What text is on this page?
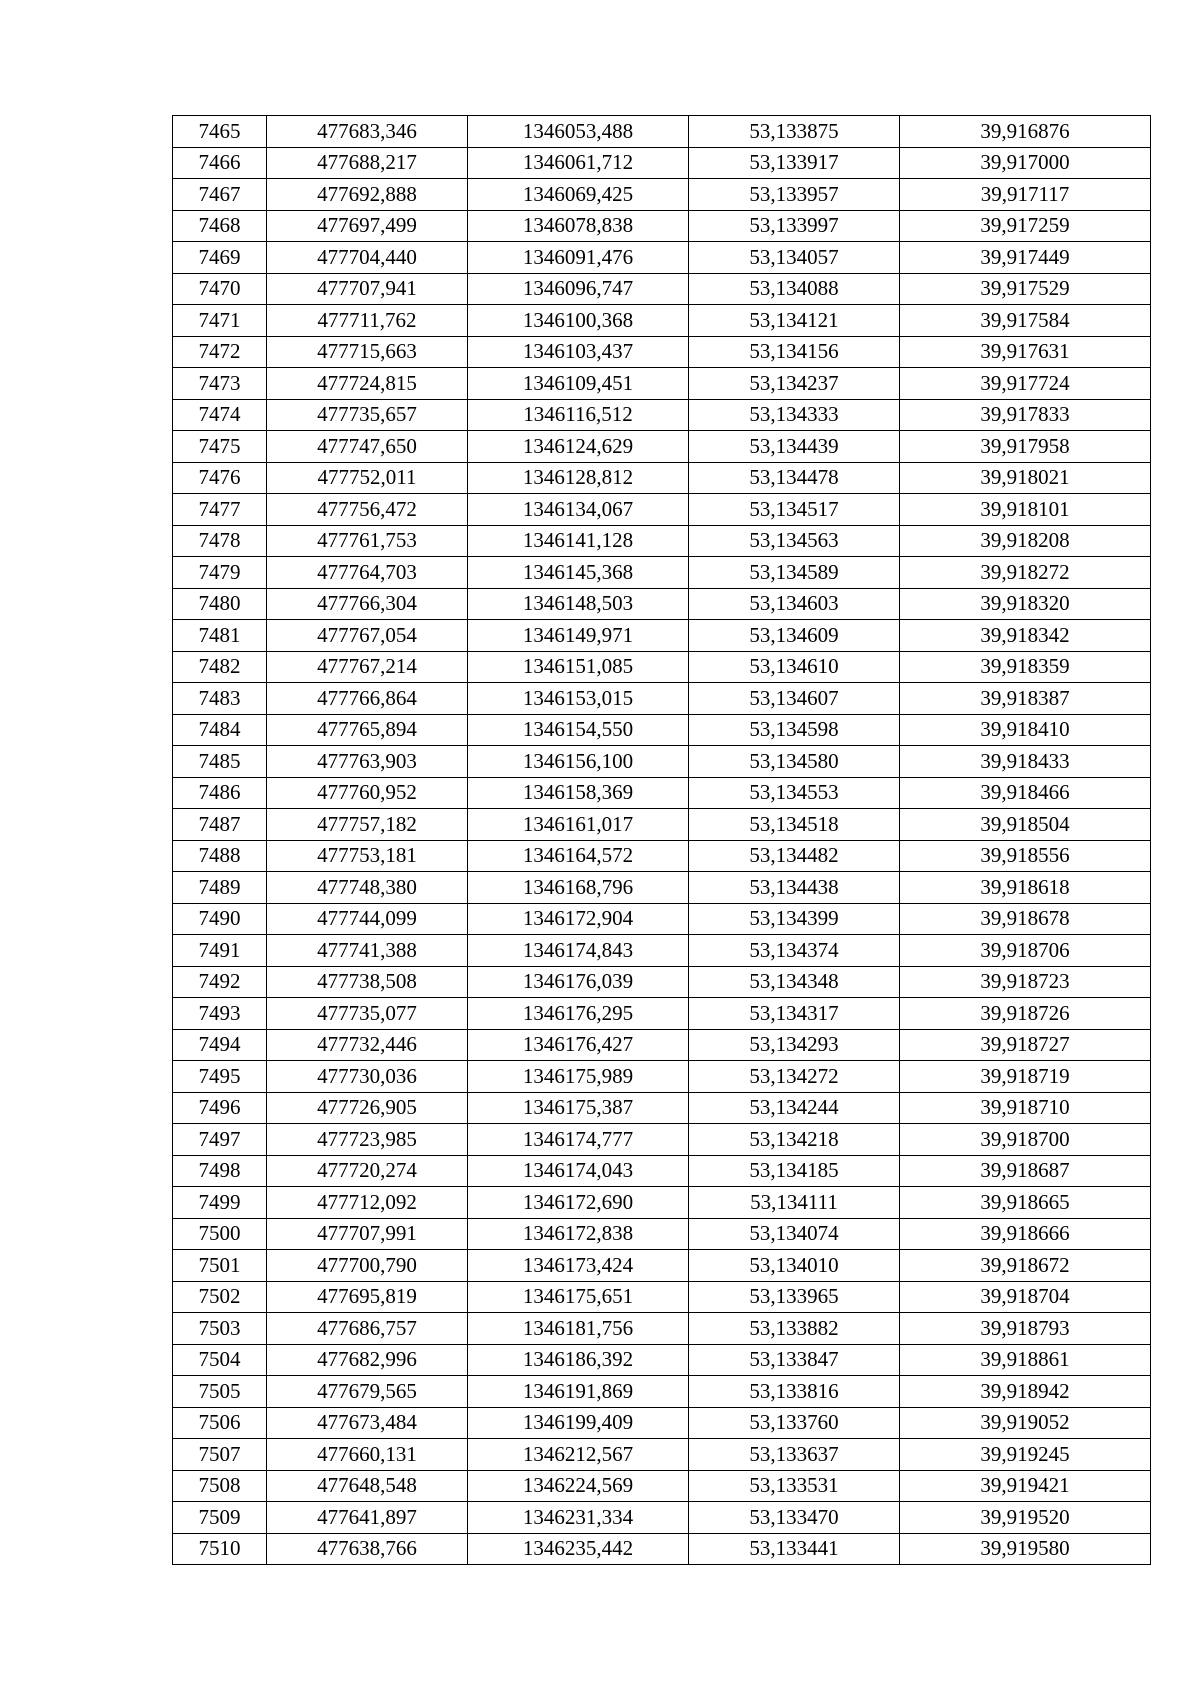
7465	477683,346	1346053,488	53,133875	39,916876
7466	477688,217	1346061,712	53,133917	39,917000
7467	477692,888	1346069,425	53,133957	39,917117
7468	477697,499	1346078,838	53,133997	39,917259
7469	477704,440	1346091,476	53,134057	39,917449
7470	477707,941	1346096,747	53,134088	39,917529
7471	477711,762	1346100,368	53,134121	39,917584
7472	477715,663	1346103,437	53,134156	39,917631
7473	477724,815	1346109,451	53,134237	39,917724
7474	477735,657	1346116,512	53,134333	39,917833
7475	477747,650	1346124,629	53,134439	39,917958
7476	477752,011	1346128,812	53,134478	39,918021
7477	477756,472	1346134,067	53,134517	39,918101
7478	477761,753	1346141,128	53,134563	39,918208
7479	477764,703	1346145,368	53,134589	39,918272
7480	477766,304	1346148,503	53,134603	39,918320
7481	477767,054	1346149,971	53,134609	39,918342
7482	477767,214	1346151,085	53,134610	39,918359
7483	477766,864	1346153,015	53,134607	39,918387
7484	477765,894	1346154,550	53,134598	39,918410
7485	477763,903	1346156,100	53,134580	39,918433
7486	477760,952	1346158,369	53,134553	39,918466
7487	477757,182	1346161,017	53,134518	39,918504
7488	477753,181	1346164,572	53,134482	39,918556
7489	477748,380	1346168,796	53,134438	39,918618
7490	477744,099	1346172,904	53,134399	39,918678
7491	477741,388	1346174,843	53,134374	39,918706
7492	477738,508	1346176,039	53,134348	39,918723
7493	477735,077	1346176,295	53,134317	39,918726
7494	477732,446	1346176,427	53,134293	39,918727
7495	477730,036	1346175,989	53,134272	39,918719
7496	477726,905	1346175,387	53,134244	39,918710
7497	477723,985	1346174,777	53,134218	39,918700
7498	477720,274	1346174,043	53,134185	39,918687
7499	477712,092	1346172,690	53,134111	39,918665
7500	477707,991	1346172,838	53,134074	39,918666
7501	477700,790	1346173,424	53,134010	39,918672
7502	477695,819	1346175,651	53,133965	39,918704
7503	477686,757	1346181,756	53,133882	39,918793
7504	477682,996	1346186,392	53,133847	39,918861
7505	477679,565	1346191,869	53,133816	39,918942
7506	477673,484	1346199,409	53,133760	39,919052
7507	477660,131	1346212,567	53,133637	39,919245
7508	477648,548	1346224,569	53,133531	39,919421
7509	477641,897	1346231,334	53,133470	39,919520
7510	477638,766	1346235,442	53,133441	39,919580
